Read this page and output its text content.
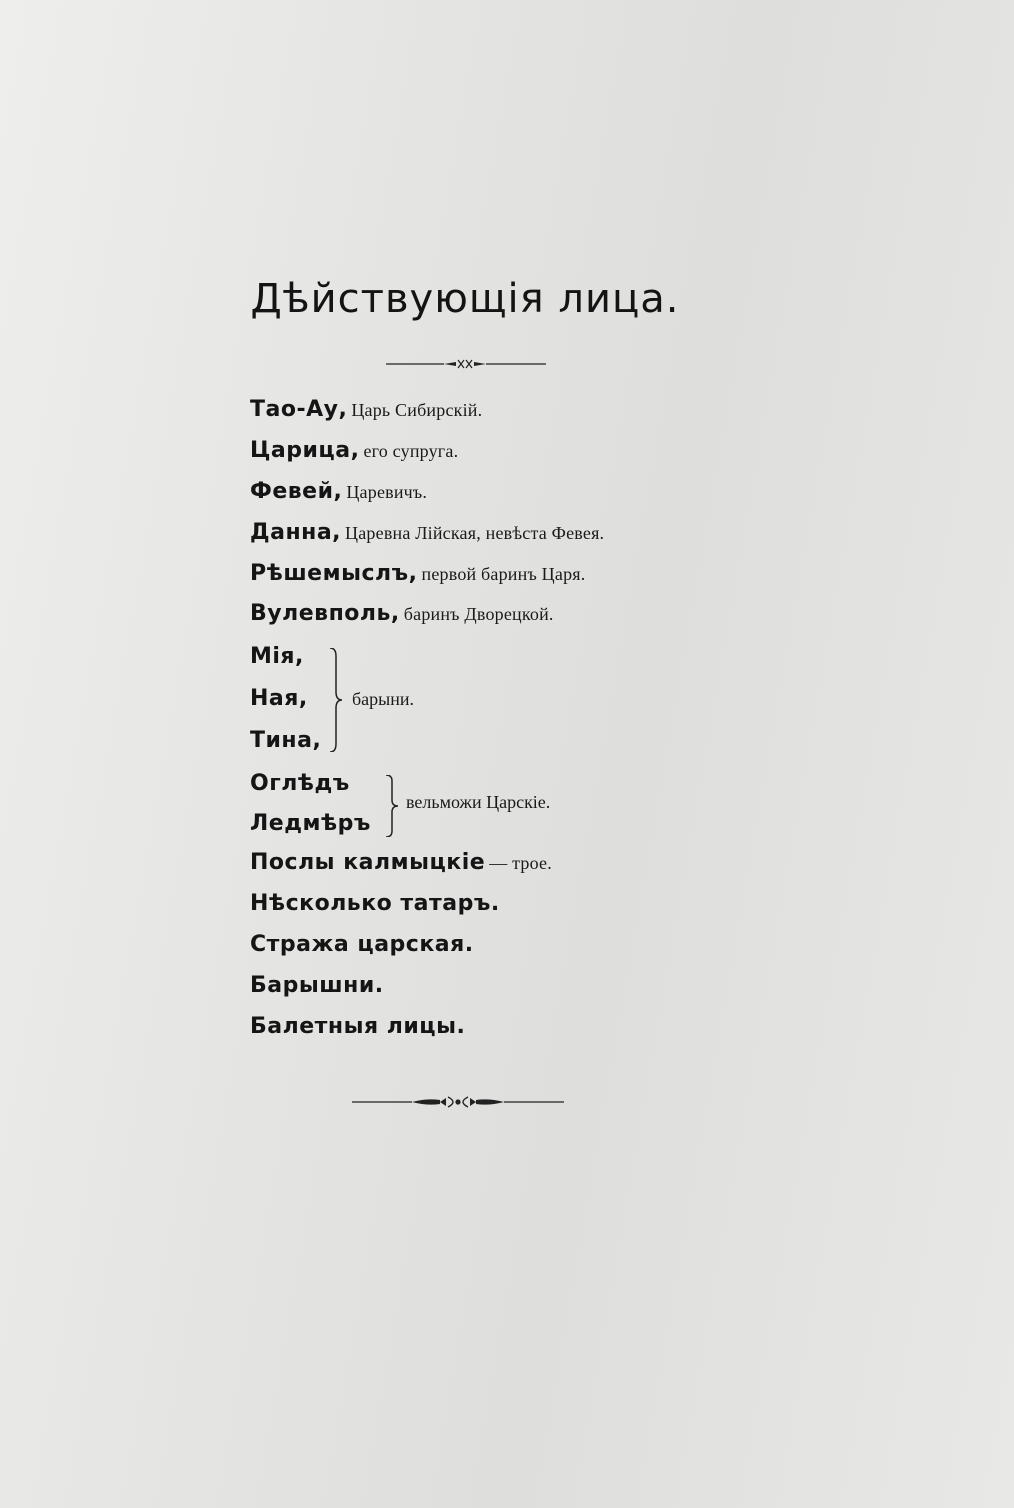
Дѣйствующія лица.
Тао-Ау, Царь Сибирскій.
Царица, его супруга.
Февей, Царевичъ.
Данна, Царевна Лійская, невѣста Февея.
Рѣшемыслъ, первой баринъ Царя.
Вулевполь, баринъ Дворецкой.
Мія,
Ная,
Тина,
барыни.
Оглѣдъ
Ледмѣръ
вельможи Царскіе.
Послы калмыцкіе — трое.
Нѣсколько татаръ.
Стража царская.
Барышни.
Балетныя лицы.
